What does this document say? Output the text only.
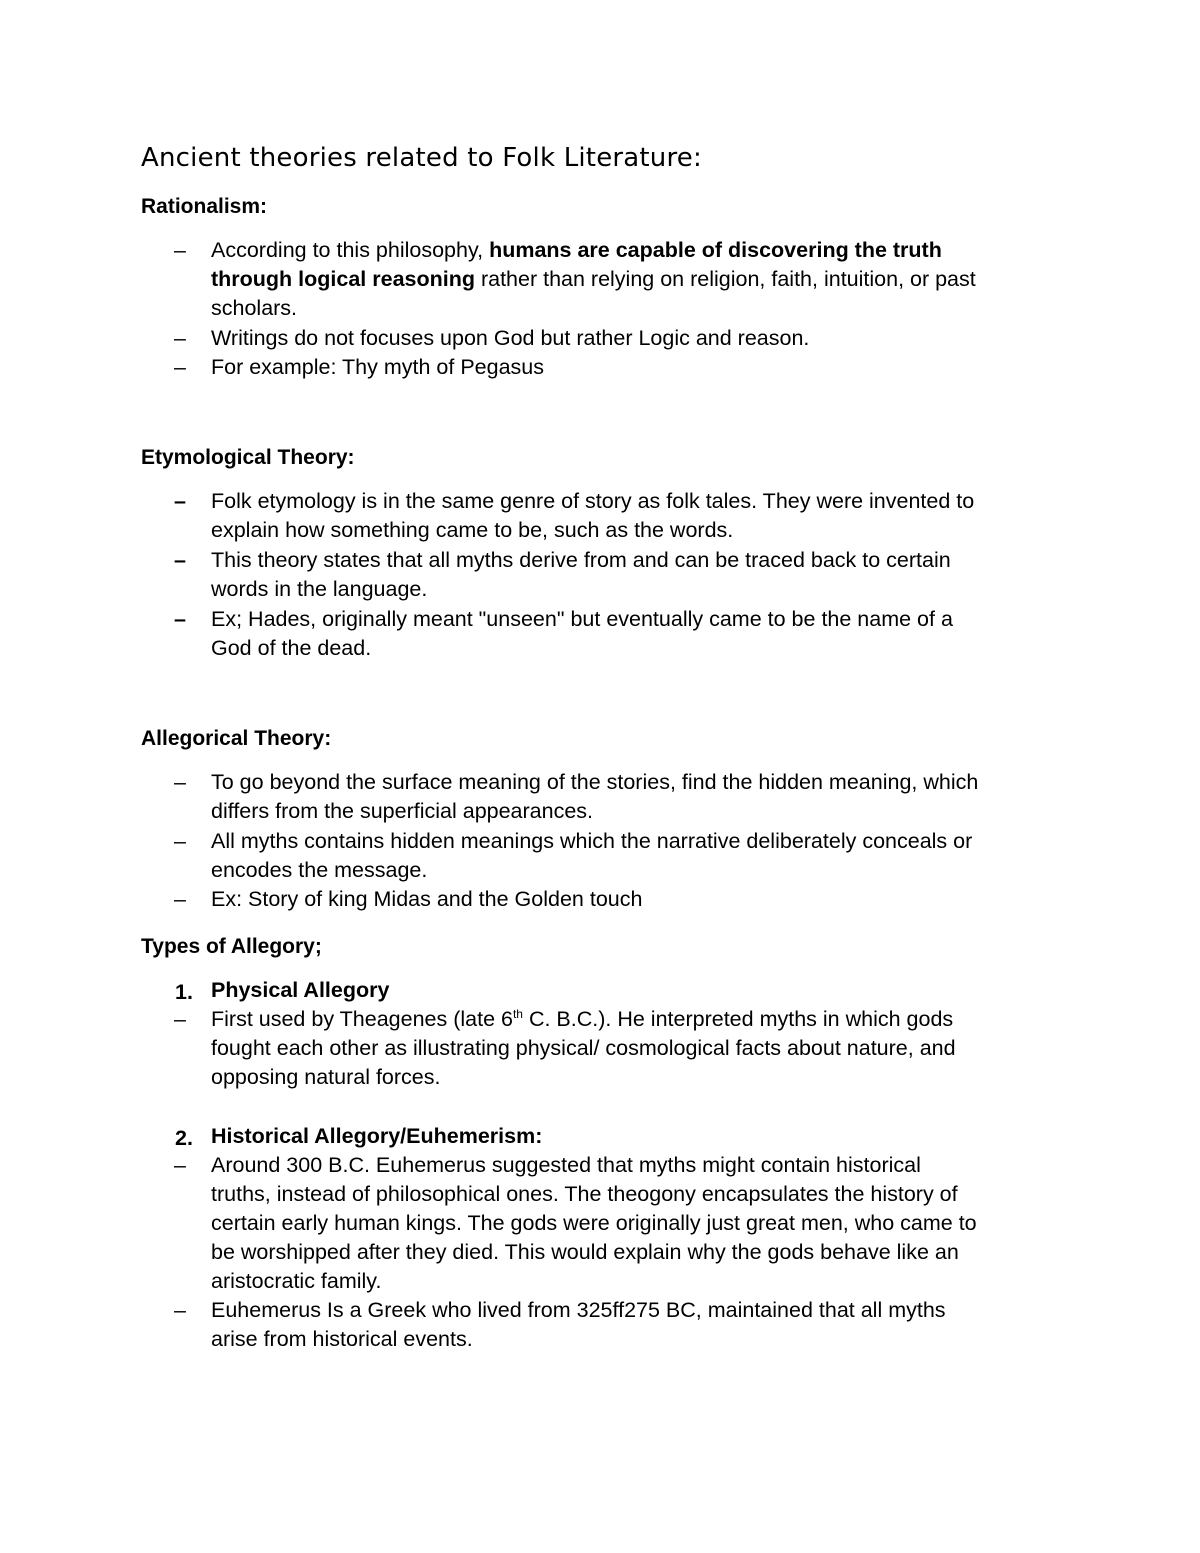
Ancient theories related to Folk Literature:
Rationalism:
– According to this philosophy, humans are capable of discovering the truth
through logical reasoning rather than relying on religion, faith, intuition, or past
scholars.
– Writings do not focuses upon God but rather Logic and reason.
– For example: Thy myth of Pegasus
Etymological Theory:
– Folk etymology is in the same genre of story as folk tales. They were invented to
explain how something came to be, such as the words.
– This theory states that all myths derive from and can be traced back to certain
words in the language.
– Ex; Hades, originally meant "unseen" but eventually came to be the name of a
God of the dead.
Allegorical Theory:
– To go beyond the surface meaning of the stories, find the hidden meaning, which
differs from the superficial appearances.
– All myths contains hidden meanings which the narrative deliberately conceals or
encodes the message.
– Ex: Story of king Midas and the Golden touch
Types of Allegory;
1. Physical Allegory
– First used by Theagenes (late 6th C. B.C.). He interpreted myths in which gods
fought each other as illustrating physical/ cosmological facts about nature, and
opposing natural forces.
2. Historical Allegory/Euhemerism:
– Around 300 B.C. Euhemerus suggested that myths might contain historical
truths, instead of philosophical ones. The theogony encapsulates the history of
certain early human kings. The gods were originally just great men, who came to
be worshipped after they died. This would explain why the gods behave like an
aristocratic family.
– Euhemerus Is a Greek who lived from 325ff275 BC, maintained that all myths
arise from historical events.
